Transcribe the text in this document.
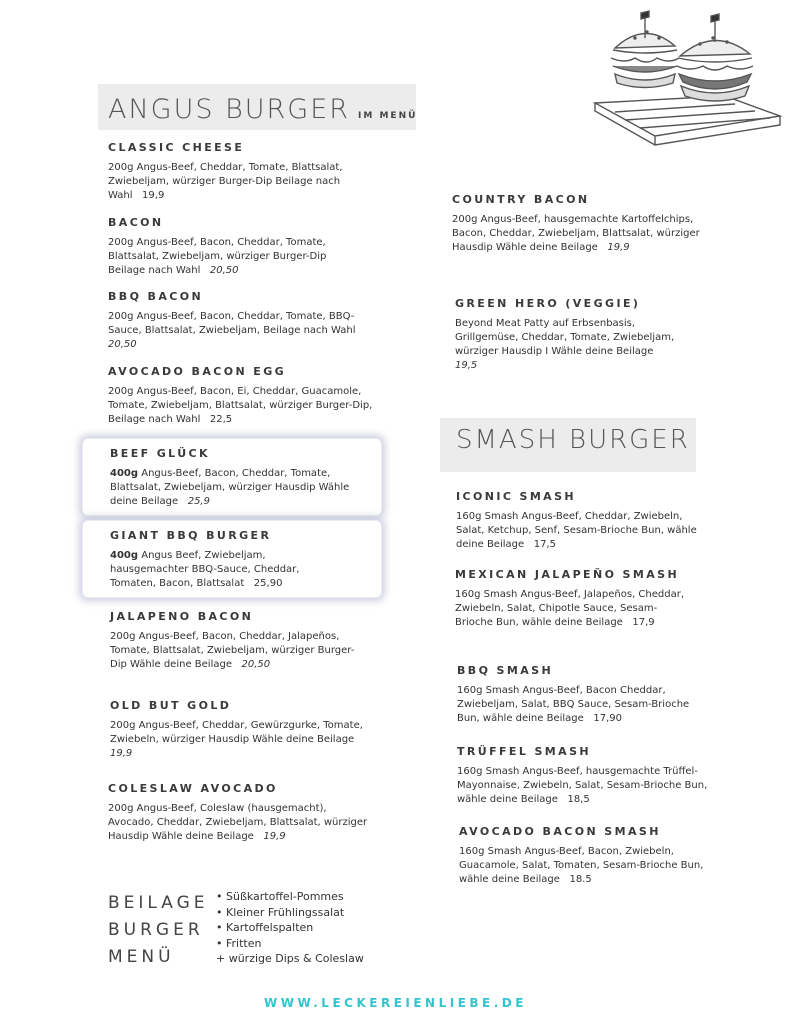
ANGUS BURGER IM MENÜ
CLASSIC CHEESE
200g Angus-Beef, Cheddar, Tomate, Blattsalat, Zwiebeljam, würziger Burger-Dip Beilage nach Wahl 19,9
BACON
200g Angus-Beef, Bacon, Cheddar, Tomate, Blattsalat, Zwiebeljam, würziger Burger-Dip Beilage nach Wahl 20,50
BBQ BACON
200g Angus-Beef, Bacon, Cheddar, Tomate, BBQ-Sauce, Blattsalat, Zwiebeljam, Beilage nach Wahl   20,50
AVOCADO BACON EGG
200g Angus-Beef, Bacon, Ei, Cheddar, Guacamole, Tomate, Zwiebeljam, Blattsalat, würziger Burger-Dip, Beilage nach Wahl 22,5
BEEF GLÜCK
400g Angus-Beef, Bacon, Cheddar, Tomate, Blattsalat, Zwiebeljam, würziger Hausdip Wähle deine Beilage 25,9
GIANT BBQ BURGER
400g Angus Beef, Zwiebeljam, hausgemachter BBQ-Sauce, Cheddar, Tomaten, Bacon, Blattsalat 25,90
JALAPENO BACON
200g Angus-Beef, Bacon, Cheddar, Jalapeños, Tomate, Blattsalat, Zwiebeljam, würziger Burger-Dip Wähle deine Beilage 20,50
OLD BUT GOLD
200g Angus-Beef, Cheddar, Gewürzgurke, Tomate, Zwiebeln, würziger Hausdip Wähle deine Beilage   19,9
COLESLAW AVOCADO
200g Angus-Beef, Coleslaw (hausgemacht), Avocado, Cheddar, Zwiebeljam, Blattsalat, würziger Hausdip Wähle deine Beilage 19,9
COUNTRY BACON
200g Angus-Beef, hausgemachte Kartoffelchips, Bacon, Cheddar, Zwiebeljam, Blattsalat, würziger Hausdip Wähle deine Beilage 19,9
GREEN HERO (VEGGIE)
Beyond Meat Patty auf Erbsenbasis, Grillgemüse, Cheddar, Tomate, Zwiebeljam, würziger Hausdip I Wähle deine Beilage   19,5
SMASH BURGER
ICONIC SMASH
160g Smash Angus-Beef, Cheddar, Zwiebeln, Salat, Ketchup, Senf, Sesam-Brioche Bun, wähle deine Beilage 17,5
MEXICAN JALAPEÑO SMASH
160g Smash Angus-Beef, Jalapeños, Cheddar, Zwiebeln, Salat, Chipotle Sauce, Sesam-Brioche Bun, wähle deine Beilage 17,9
BBQ SMASH
160g Smash Angus-Beef, Bacon Cheddar, Zwiebeljam, Salat, BBQ Sauce, Sesam-Brioche Bun, wähle deine Beilage 17,90
TRÜFFEL SMASH
160g Smash Angus-Beef, hausgemachte Trüffel-Mayonnaise, Zwiebeln, Salat, Sesam-Brioche Bun, wähle deine Beilage 18,5
AVOCADO BACON SMASH
160g Smash Angus-Beef, Bacon, Zwiebeln, Guacamole, Salat, Tomaten, Sesam-Brioche Bun, wähle deine Beilage 18.5
BEILAGE
BURGER
MENÜ
• Süßkartoffel-Pommes
• Kleiner Frühlingssalat
• Kartoffelspalten
• Fritten
+ würzige Dips & Coleslaw
WWW.LECKEREIENLIEBE.DE
